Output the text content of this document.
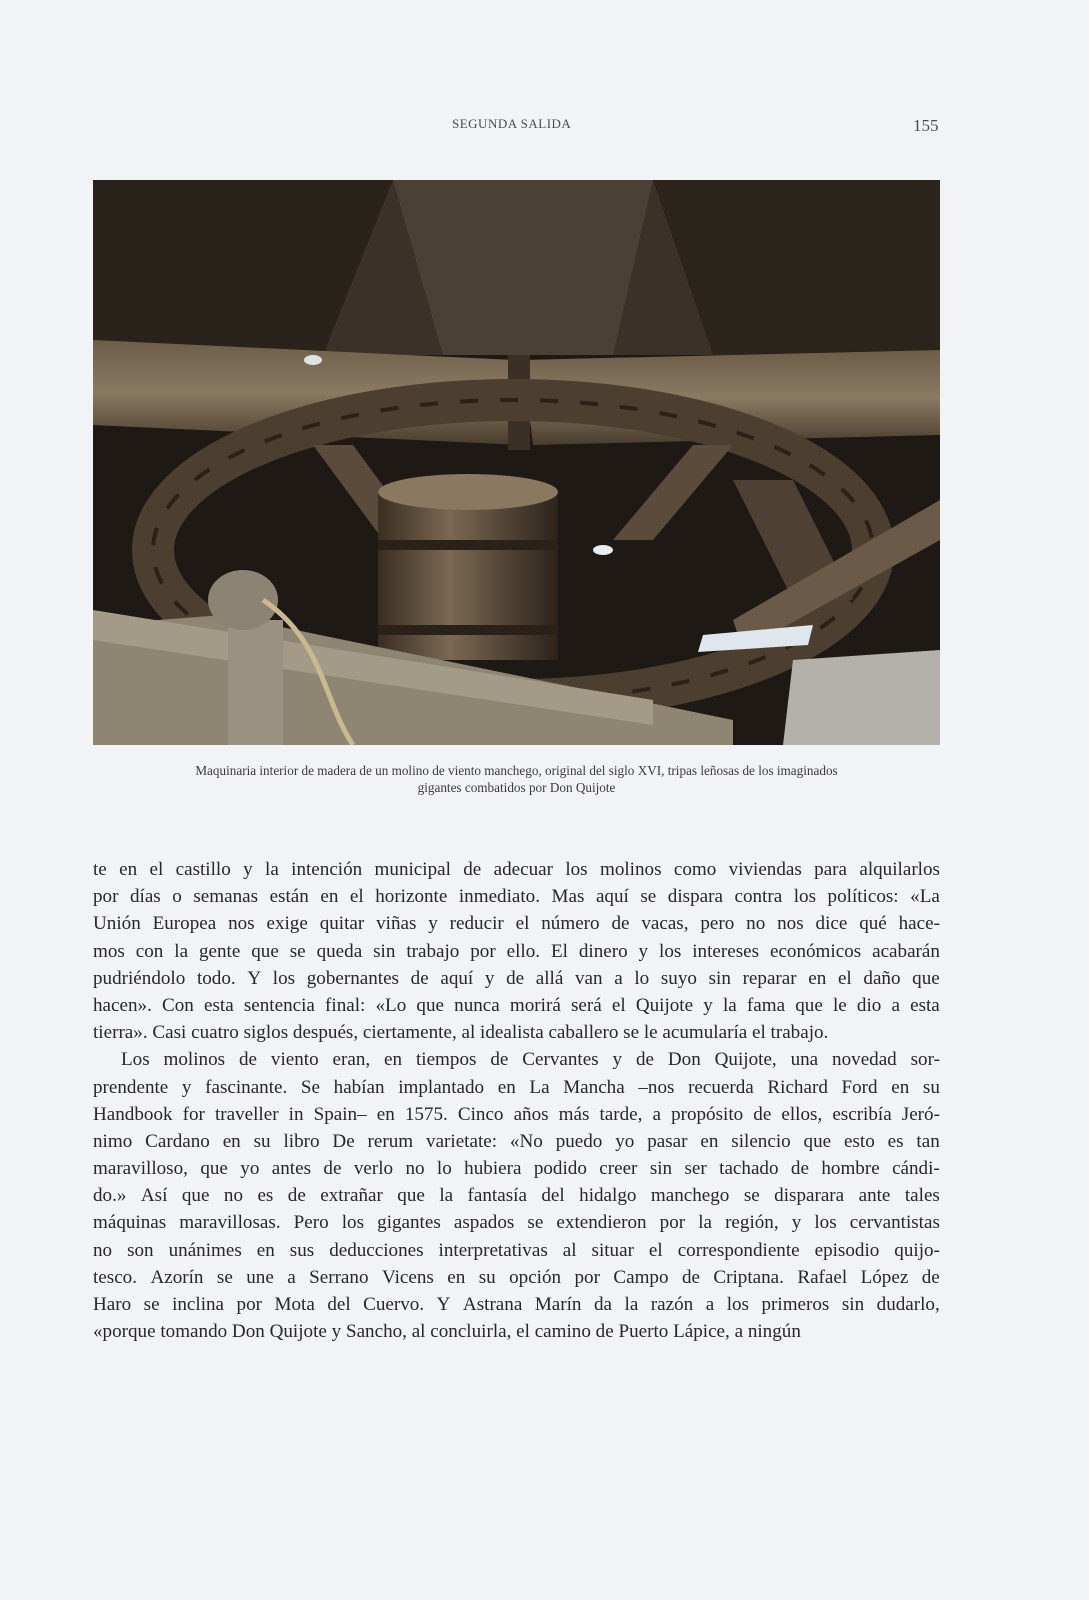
SEGUNDA SALIDA	155

Maquinaria interior de madera de un molino de viento manchego, original del siglo XVI, tripas leñosas de los imaginados

gigantes combatidos por Don Quijote

te en el castillo y la intención municipal de adecuar los molinos como viviendas para alquilarlos
por días o semanas están en el horizonte inmediato. Mas aquí se dispara contra los políticos: «La
Unión Europea nos exige quitar viñas y reducir el número de vacas, pero no nos dice qué hace-
mos con la gente que se queda sin trabajo por ello. El dinero y los intereses económicos acabarán
pudriéndolo todo. Y los gobernantes de aquí y de allá van a lo suyo sin reparar en el daño que
hacen». Con esta sentencia final: «Lo que nunca morirá será el Quijote y la fama que le dio a esta
tierra». Casi cuatro siglos después, ciertamente, al idealista caballero se le acumularía el trabajo.
Los molinos de viento eran, en tiempos de Cervantes y de Don Quijote, una novedad sor-
prendente y fascinante. Se habían implantado en La Mancha –nos recuerda Richard Ford en su
Handbook for traveller in Spain– en 1575. Cinco años más tarde, a propósito de ellos, escribía Jeró-
nimo Cardano en su libro De rerum varietate: «No puedo yo pasar en silencio que esto es tan
maravilloso, que yo antes de verlo no lo hubiera podido creer sin ser tachado de hombre cándi-
do.» Así que no es de extrañar que la fantasía del hidalgo manchego se disparara ante tales
máquinas maravillosas. Pero los gigantes aspados se extendieron por la región, y los cervantistas
no son unánimes en sus deducciones interpretativas al situar el correspondiente episodio quijo-
tesco. Azorín se une a Serrano Vicens en su opción por Campo de Criptana. Rafael López de
Haro se inclina por Mota del Cuervo. Y Astrana Marín da la razón a los primeros sin dudarlo,
«porque tomando Don Quijote y Sancho, al concluirla, el camino de Puerto Lápice, a ningún
